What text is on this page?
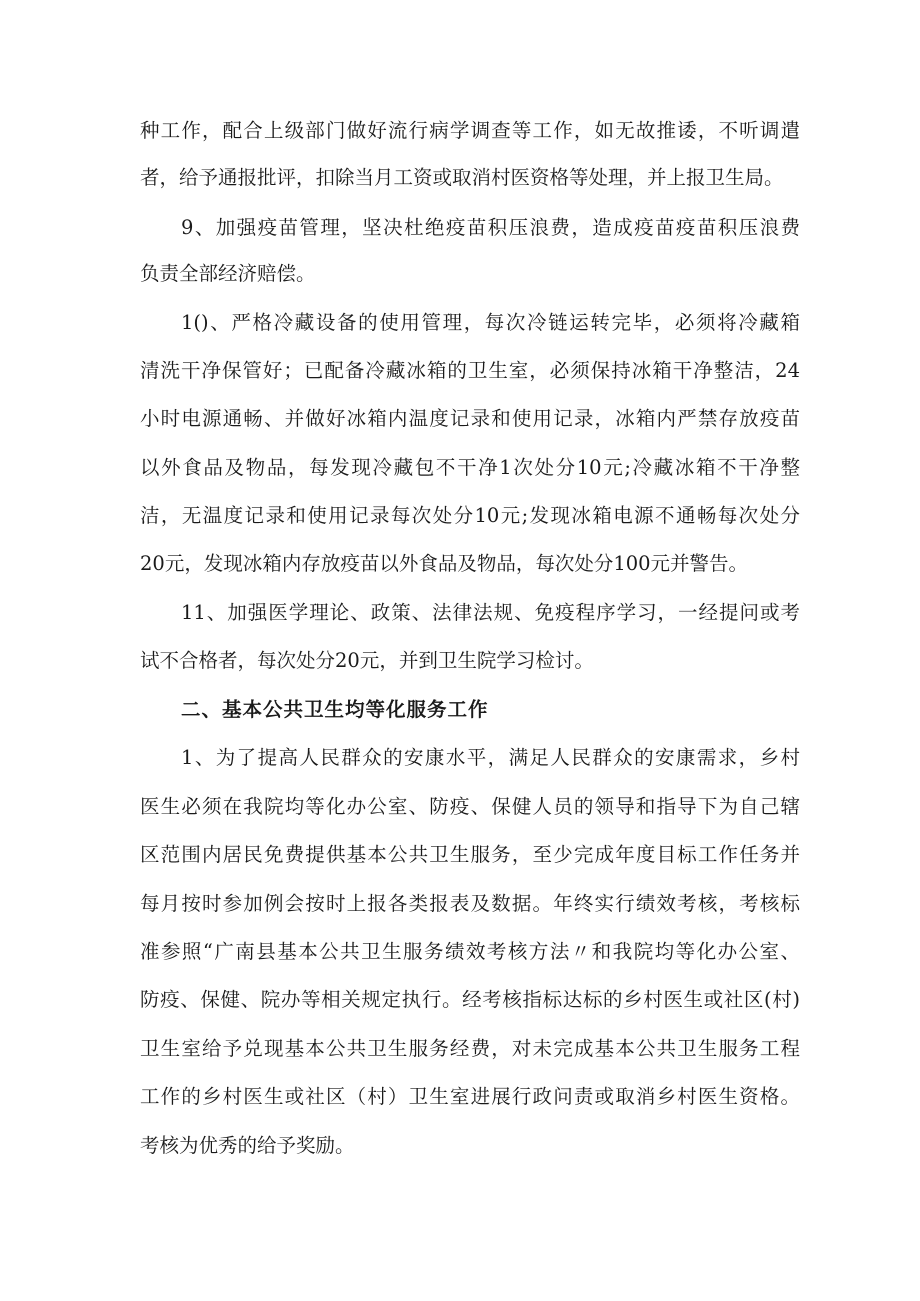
种工作，配合上级部门做好流行病学调查等工作，如无故推诿，不听调遣
者，给予通报批评，扣除当月工资或取消村医资格等处理，并上报卫生局。
9、加强疫苗管理，坚决杜绝疫苗积压浪费，造成疫苗疫苗积压浪费
负责全部经济赔偿。
1()、严格冷藏设备的使用管理，每次冷链运转完毕，必须将冷藏箱
清洗干净保管好；已配备冷藏冰箱的卫生室，必须保持冰箱干净整洁，24
小时电源通畅、并做好冰箱内温度记录和使用记录，冰箱内严禁存放疫苗
以外食品及物品，每发现冷藏包不干净1次处分10元;冷藏冰箱不干净整
洁，无温度记录和使用记录每次处分10元;发现冰箱电源不通畅每次处分
20元，发现冰箱内存放疫苗以外食品及物品，每次处分100元并警告。
11、加强医学理论、政策、法律法规、免疫程序学习，一经提问或考
试不合格者，每次处分20元，并到卫生院学习检讨。
二、基本公共卫生均等化服务工作
1、为了提高人民群众的安康水平，满足人民群众的安康需求，乡村
医生必须在我院均等化办公室、防疫、保健人员的领导和指导下为自己辖
区范围内居民免费提供基本公共卫生服务，至少完成年度目标工作任务并
每月按时参加例会按时上报各类报表及数据。年终实行绩效考核，考核标
准参照“广南县基本公共卫生服务绩效考核方法〃和我院均等化办公室、
防疫、保健、院办等相关规定执行。经考核指标达标的乡村医生或社区(村)
卫生室给予兑现基本公共卫生服务经费，对未完成基本公共卫生服务工程
工作的乡村医生或社区（村）卫生室进展行政问责或取消乡村医生资格。
考核为优秀的给予奖励。
